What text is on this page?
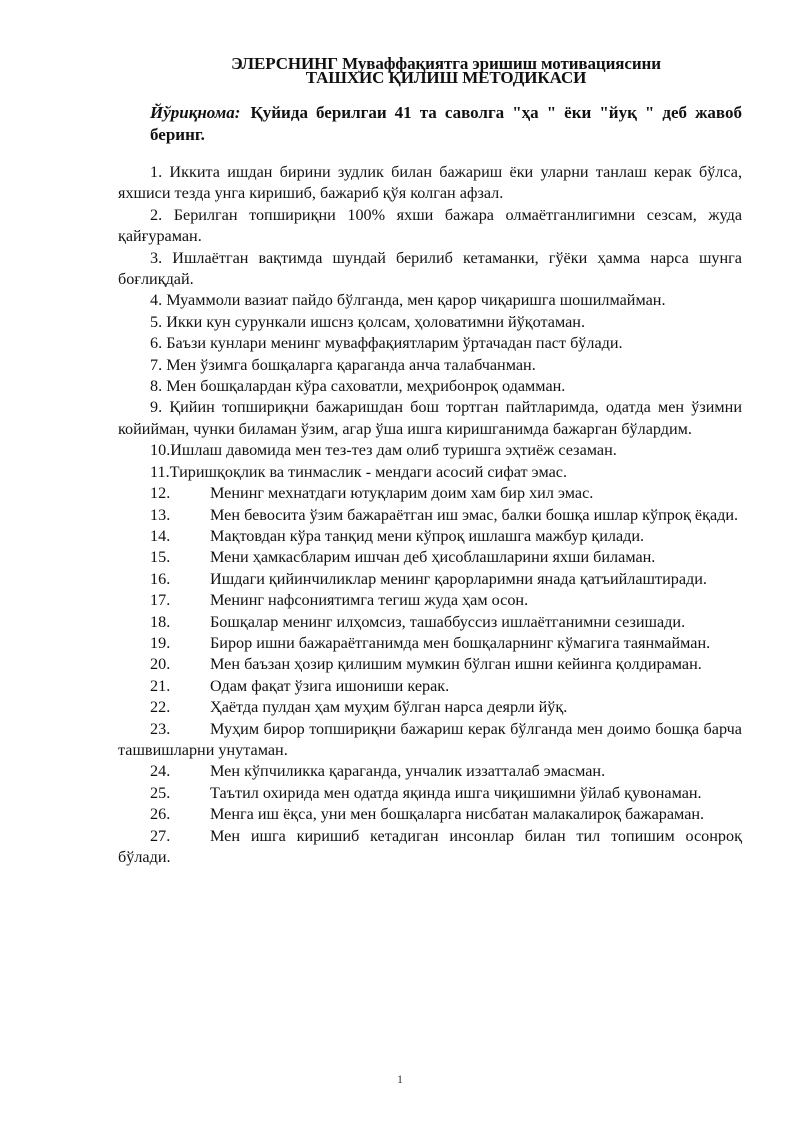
ЭЛЕРСНИНГ Муваффақиятга эришиш мотивациясини
ТАШХИС ҚИЛИШ МЕТОДИКАСИ
Йўриқнома: Қуйида берилгаи 41 та саволга "ҳа " ёки "йуқ " деб жавоб беринг.
1. Иккита ишдан бирини зудлик билан бажариш ёки уларни танлаш керак бўлса, яхшиси тезда унга киришиб, бажариб қўя колган афзал.
2. Берилган топшириқни 100% яхши бажара олмаётганлигимни сезсам, жуда қайғураман.
3. Ишлаётган вақтимда шундай берилиб кетаманки, гўёки ҳамма нарса шунга боғлиқдай.
4. Муаммоли вазиат пайдо бўлганда, мен қарор чиқаришга шошилмайман.
5. Икки кун сурункали ишснз қолсам, ҳоловатимни йўқотаман.
6. Баъзи кунлари менинг муваффақиятларим ўртачадан паст бўлади.
7. Мен ўзимга бошқаларга қараганда анча талабчанман.
8. Мен бошқалардан кўра саховатли, меҳрибонроқ одамман.
9. Қийин топшириқни бажаришдан бош тортган пайтларимда, одатда мен ўзимни койийман, чунки биламан ўзим, агар ўша ишга киришганимда бажарган бўлардим.
10.Ишлаш давомида мен тез-тез дам олиб туришга эҳтиёж сезаман.
11.Тиришқоқлик ва тинмаслик - мендаги асосий сифат эмас.
12. Менинг мехнатдаги ютуқларим доим хам бир хил эмас.
13. Мен бевосита ўзим бажараётган иш эмас, балки бошқа ишлар кўпроқ ёқади.
14. Мақтовдан кўра танқид мени кўпроқ ишлашга мажбур қилади.
15. Мени ҳамкасбларим ишчан деб ҳисоблашларини яхши биламан.
16. Ишдаги қийинчиликлар менинг қарорларимни янада қатъийлаштиради.
17. Менинг нафсониятимга тегиш жуда ҳам осон.
18. Бошқалар менинг илҳомсиз, ташаббуссиз ишлаётганимни сезишади.
19. Бирор ишни бажараётганимда мен бошқаларнинг кўмагига таянмайман.
20. Мен баъзан ҳозир қилишим мумкин бўлган ишни кейинга қолдираман.
21. Одам фақат ўзига ишониши керак.
22. Ҳаётда пулдан ҳам муҳим бўлган нарса деярли йўқ.
23. Муҳим бирор топшириқни бажариш керак бўлганда мен доимо бошқа барча ташвишларни унутаман.
24. Мен кўпчиликка қараганда, унчалик иззатталаб эмасман.
25. Таътил охирида мен одатда яқинда ишга чиқишимни ўйлаб қувонаман.
26. Менга иш ёқса, уни мен бошқаларга нисбатан малакалироқ бажараман.
27. Мен ишга киришиб кетадиган инсонлар билан тил топишим осонроқ бўлади.
1
